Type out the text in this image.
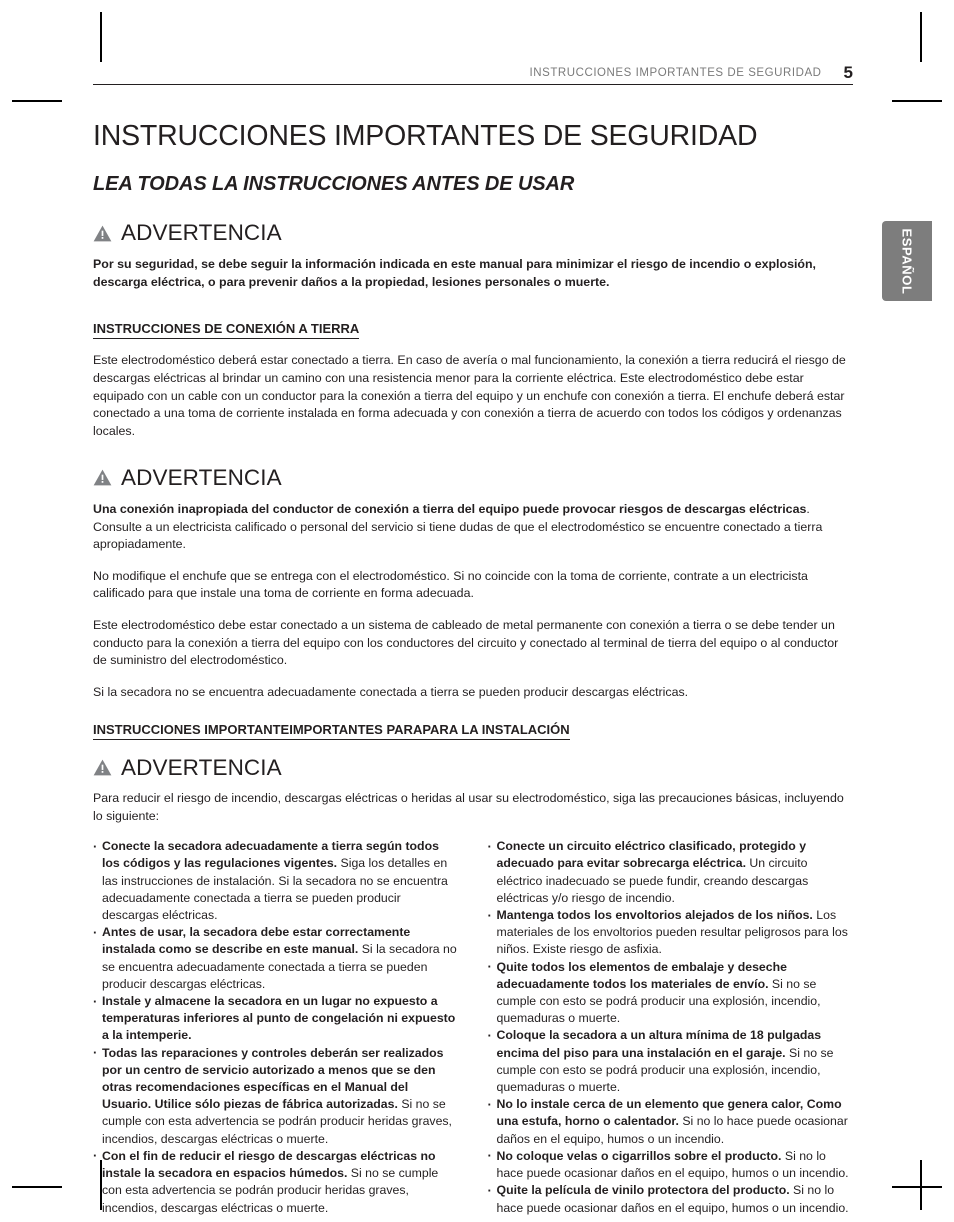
INSTRUCCIONES IMPORTANTES DE SEGURIDAD 5
ESPAÑOL
INSTRUCCIONES IMPORTANTES DE SEGURIDAD
LEA TODAS LA INSTRUCCIONES ANTES DE USAR
ADVERTENCIA

Por su seguridad, se debe seguir la información indicada en este manual para minimizar el riesgo de incendio o explosión, descarga eléctrica, o para prevenir daños a la propiedad, lesiones personales o muerte.

INSTRUCCIONES DE CONEXIÓN A TIERRA

Este electrodoméstico deberá estar conectado a tierra. En caso de avería o mal funcionamiento, la conexión a tierra reducirá el riesgo de descargas eléctricas al brindar un camino con una resistencia menor para la corriente eléctrica. Este electrodoméstico debe estar equipado con un cable con un conductor para la conexión a tierra del equipo y un enchufe con conexión a tierra. El enchufe deberá estar conectado a una toma de corriente instalada en forma adecuada y con conexión a tierra de acuerdo con todos los códigos y ordenanzas locales.

ADVERTENCIA

Una conexión inapropiada del conductor de conexión a tierra del equipo puede provocar riesgos de descargas eléctricas. Consulte a un electricista calificado o personal del servicio si tiene dudas de que el electrodoméstico se encuentre conectado a tierra apropiadamente.

No modifique el enchufe que se entrega con el electrodoméstico. Si no coincide con la toma de corriente, contrate a un electricista calificado para que instale una toma de corriente en forma adecuada.

Este electrodoméstico debe estar conectado a un sistema de cableado de metal permanente con conexión a tierra o se debe tender un conducto para la conexión a tierra del equipo con los conductores del circuito y conectado al terminal de tierra del equipo o al conductor de suministro del electrodoméstico.

Si la secadora no se encuentra adecuadamente conectada a tierra se pueden producir descargas eléctricas.

INSTRUCCIONES IMPORTANTEIMPORTANTES PARAPARA LA INSTALACIÓN
ADVERTENCIA

Para reducir el riesgo de incendio, descargas eléctricas o heridas al usar su electrodoméstico, siga las precauciones básicas, incluyendo lo siguiente:

· Conecte la secadora adecuadamente a tierra según todos los códigos y las regulaciones vigentes. Siga los detalles en las instrucciones de instalación. Si la secadora no se encuentra adecuadamente conectada a tierra se pueden producir descargas eléctricas.
· Antes de usar, la secadora debe estar correctamente instalada como se describe en este manual. Si la secadora no se encuentra adecuadamente conectada a tierra se pueden producir descargas eléctricas.
· Instale y almacene la secadora en un lugar no expuesto a temperaturas inferiores al punto de congelación ni expuesto a la intemperie.
· Todas las reparaciones y controles deberán ser realizados por un centro de servicio autorizado a menos que se den otras recomendaciones específicas en el Manual del Usuario. Utilice sólo piezas de fábrica autorizadas. Si no se cumple con esta advertencia se podrán producir heridas graves, incendios, descargas eléctricas o muerte.
· Con el fin de reducir el riesgo de descargas eléctricas no instale la secadora en espacios húmedos. Si no se cumple con esta advertencia se podrán producir heridas graves, incendios, descargas eléctricas o muerte.
· Conecte un circuito eléctrico clasificado, protegido y adecuado para evitar sobrecarga eléctrica. Un circuito eléctrico inadecuado se puede fundir, creando descargas eléctricas y/o riesgo de incendio.
· Mantenga todos los envoltorios alejados de los niños. Los materiales de los envoltorios pueden resultar peligrosos para los niños. Existe riesgo de asfixia.
· Quite todos los elementos de embalaje y deseche adecuadamente todos los materiales de envío. Si no se cumple con esto se podrá producir una explosión, incendio, quemaduras o muerte.
· Coloque la secadora a un altura mínima de 18 pulgadas encima del piso para una instalación en el garaje. Si no se cumple con esto se podrá producir una explosión, incendio, quemaduras o muerte.
· No lo instale cerca de un elemento que genera calor, Como una estufa, horno o calentador. Si no lo hace puede ocasionar daños en el equipo, humos o un incendio.
· No coloque velas o cigarrillos sobre el producto. Si no lo hace puede ocasionar daños en el equipo, humos o un incendio.
· Quite la película de vinilo protectora del producto. Si no lo hace puede ocasionar daños en el equipo, humos o un incendio.
